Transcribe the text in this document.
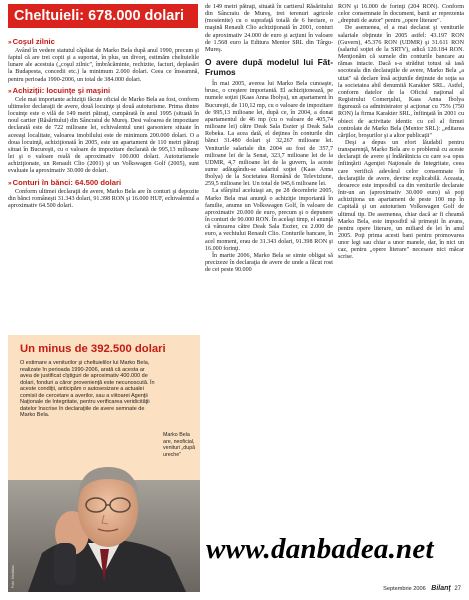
Cheltuieli: 678.000 dolari
»Coşul zilnic

Având în vedere statutul căpătat de Marko Bela după anul 1990, precum şi faptul că are trei copii şi a suportat, în plus, un divorţ, estimăm cheltuielile lunare ale acestuia („coşul zilnic", îmbrăcăminte, rechizite, facturi, deplasări la Budapesta, concedii etc.) la minimum 2.000 dolari. Ceea ce înseamnă, pentru perioada 1990-2006, un total de 384.000 dolari.

»Achiziţii: locuinţe şi maşini

Cele mai importante achiziţii făcute oficial de Marko Bela au fost, conform ultimelor declaraţii de avere, două locuinţe şi două autoturisme. Prima dintre locuinţe este o vilă de 149 metri pătraţi, cumpărată în anul 1995 (situată în noul cartier (Răsăritului) din Sâncraiul de Mureş. Desi valoarea de impozitare declarată este de 722 milioane lei, echivalentul unei garsoniere situate în aceeaşi localitate, valoarea imobilului este de minimum 200.000 dolari. O a doua locuinţă, achiziţionată în 2005, este un apartament de 110 metri pătraţi situat în Bucureşti, cu o valoare de impozitare declarată de 995,13 milioane lei şi o valoare reală de aproximativ 100.000 dolari. Autoturismele achiziţionate, un Renault Clio (2001) şi un Volkswagen Golf (2005), sunt evaluate la aproximativ 30.000 de dolari.

»Conturi în bănci: 64.500 dolari

Conform ultimei declaraţii de avere, Marko Bela are în conturi şi depozite din bănci româneşti 31.343 dolari, 91.398 RON şi 16.000 HUF, echivalentul a aproximativ 64.500 dolari.

Un minus de 392.500 dolari
O estimare a veniturilor şi cheltuielilor lui Marko Bela, realizate în perioada 1990-2006, arată că acesta ar avea de justificat cîştiguri de aproximativ 400.000 de dolari, fonduri a căror provenienţă este necunoscută. În aceste condiţii, anticipăm o autosesizare a actualei comisii de cercetare a averilor, sau a viitoarei Agenţii Naţionale de Integritate, pentru verificarea veridicităţii datelor înscrise în declaraţiile de avere semnate de Marko Bela.
Marko Bela are, neoficial, venituri „după ureche"
Foto: Mediafax

de 149 metri pătraţi, situată în cartierul Răsăritului din Sâncraiu de Mureş, trei terenuri agricole (mostenite) cu o suprafaţă totală de 6 hectare, o maşină Renault Clio achiziţionată în 2001, conturi de aproximativ 24.000 de euro şi acţiuni în valoare de 1.568 euro la Editura Mentor SRL din Târgu-Mureş.

O avere după modelul lui Făt-Frumos

În mai 2005, averea lui Marko Bela cunoaşte, brusc, o creştere importantă. El achiziţionează, pe numele soţiei (Kaas Anna Ibolya), un apartament în Bucureşti, de 110,12 mp, cu o valoare de impozitare de 995,13 milioane lei, după ce, în 2004, a donat apartamentul de 46 mp (cu o valoare de 405,74 milioane lei) către Deak Sala Eszter şi Deak Sala Rebeka. La acea dată, el deţinea în conturile din bănci 31.480 dolari şi 32,267 milioane lei. Veniturile salariale din 2004 au fost de 357,7 milioane lei de la Senat, 323,7 milioane lei de la UDMR, 4,7 milioane lei de la guvern, la aceste sume adăugându-se salariul soţiei (Kaas Anna Ibolya) de la Societatea Română de Televiziune, 259,5 milioane lei. Un total de 945,6 milioane lei.

La sfârşitul aceluiaşi an, pe 28 decembrie 2005, Marko Bela mai anunţă o achiziţie importantă în familie, anume un Volkswagen Golf, în valoare de aproximativ 20.000 de euro, precum şi o depunere în conturi de 90.000 RON. În acelaşi timp, el anunţă că vânzarea către Deak Sala Eszter, cu 2.000 de euro, a vechiului Renault Clio. Conturile bancare, în acel moment, erau de 31.343 dolari, 91.398 RON şi 16.000 forinţi.

În martie 2006, Marko Bela se simte obligat să precizeze în declaraţia de avere de unde a făcut rost de cei peste 90.000

RON şi 16.000 de forinţi (204 RON). Conform celor consemnate în document, banii ar reprezenta „dreptuti de autor" pentru „opere literare".

De asemenea, el a mai declarat şi veniturile salariale obţinute în 2005 astfel: 43.197 RON (Guvern), 45.376 RON (UDMR) şi 31.611 RON (salariul soţiei de la SRTV), adică 120.184 RON. Menţionăm că sumele din conturile bancare au rămas intacte. Dacă s-a strădiut totusi să iasă socoteala din declaraţiile de avere, Marko Bela „a uitat" să declare însă acţiunile deţinute de soţia sa la societatea abil denumită Karakter SRL. Astfel, conform datelor de la Oficiul naţional al Registrului Comerţului, Kaas Anna Ibolya figurează ca administrator şi acţionar cu 75% (750 RON) la firma Karakter SRL, înfiinţată în 2001 cu obiect de activitate identic cu cel al firmei controlate de Marko Bela (Mentor SRL): „editarea cărţilor, broşurilor şi a altor publicaţii"

Deşi a depus un efort lăudabil pentru transparenţă, Marko Bela are o problemă cu aceste declaraţii de avere şi îndărătnicia cu care s-a opus înfiinţării Agenţiei Naţionale de Integritate, ceea care verifică adevărul celor consemnate în declaraţiile de avere, devine explicabilă. Aceasta, deoarece este imposibil ca din veniturile declarate într-un an (aproximativ 30.000 euro) să poţi achiziţiona un apartament de peste 100 mp în Capitală şi un autoturism Volkswagen Golf de ultimul tip. De asemenea, chiar dacă ar fi cheamă Marko Bela, este imposibil să primeşti în avans, pentru opere literare, un miliard de lei în anul 2005. Poţi prima acesti bani pentru promovarea unor legi sau chiar a unor manele, dar, în nici un caz, pentru „opere literare" necesare nici măcar scrise.

www.danbadea.net
Septembrie 2006 Bilanţ 27
